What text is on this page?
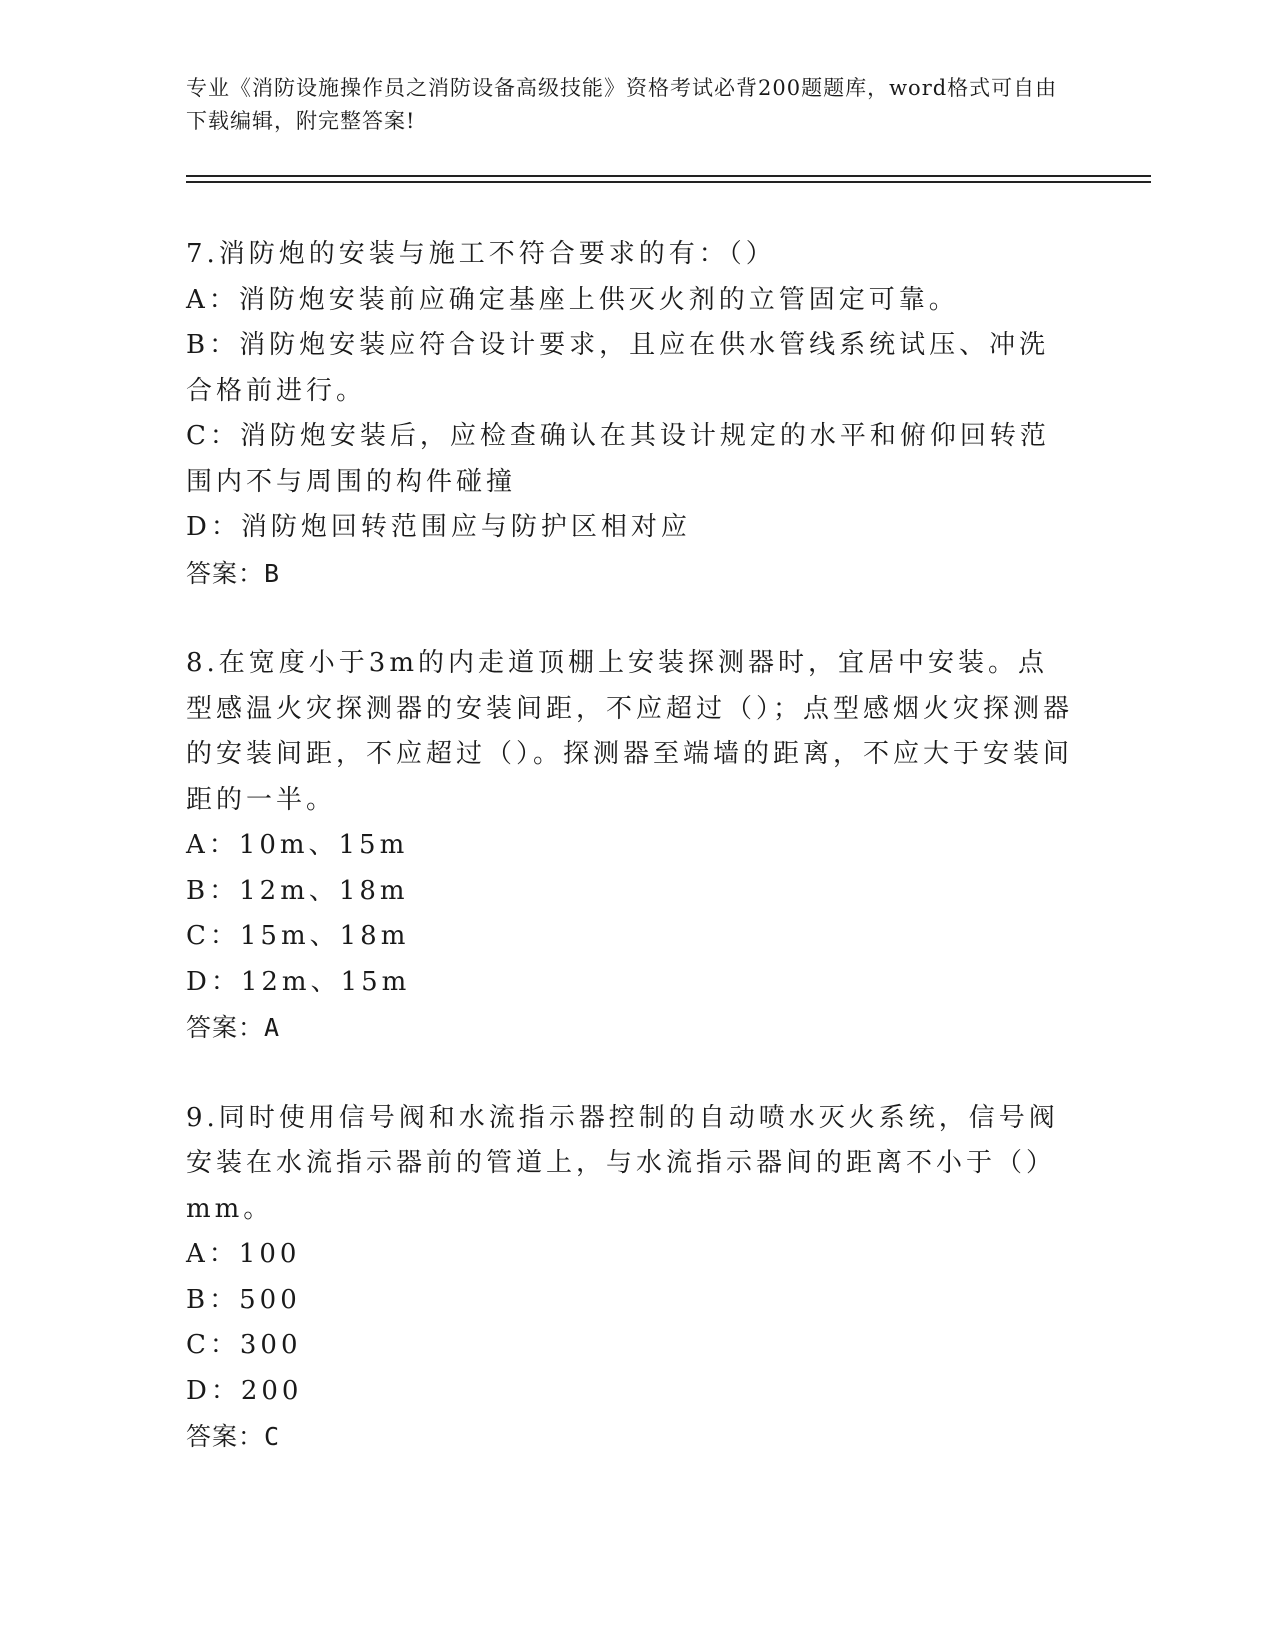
专业《消防设施操作员之消防设备高级技能》资格考试必背200题题库，word格式可自由下载编辑，附完整答案!

7.消防炮的安装与施工不符合要求的有：（）

A：消防炮安装前应确定基座上供灭火剂的立管固定可靠。

B：消防炮安装应符合设计要求，且应在供水管线系统试压、冲洗合格前进行。

C：消防炮安装后，应检查确认在其设计规定的水平和俯仰回转范围内不与周围的构件碰撞

D：消防炮回转范围应与防护区相对应

答案：B

8.在宽度小于3m的内走道顶棚上安装探测器时，宜居中安装。点型感温火灾探测器的安装间距，不应超过（）；点型感烟火灾探测器的安装间距，不应超过（）。探测器至端墙的距离，不应大于安装间距的一半。

A：10m、15m

B：12m、18m

C：15m、18m

D：12m、15m

答案：A

9.同时使用信号阀和水流指示器控制的自动喷水灭火系统，信号阀安装在水流指示器前的管道上，与水流指示器间的距离不小于（）mm。

A：100

B：500

C：300

D：200

答案：C
